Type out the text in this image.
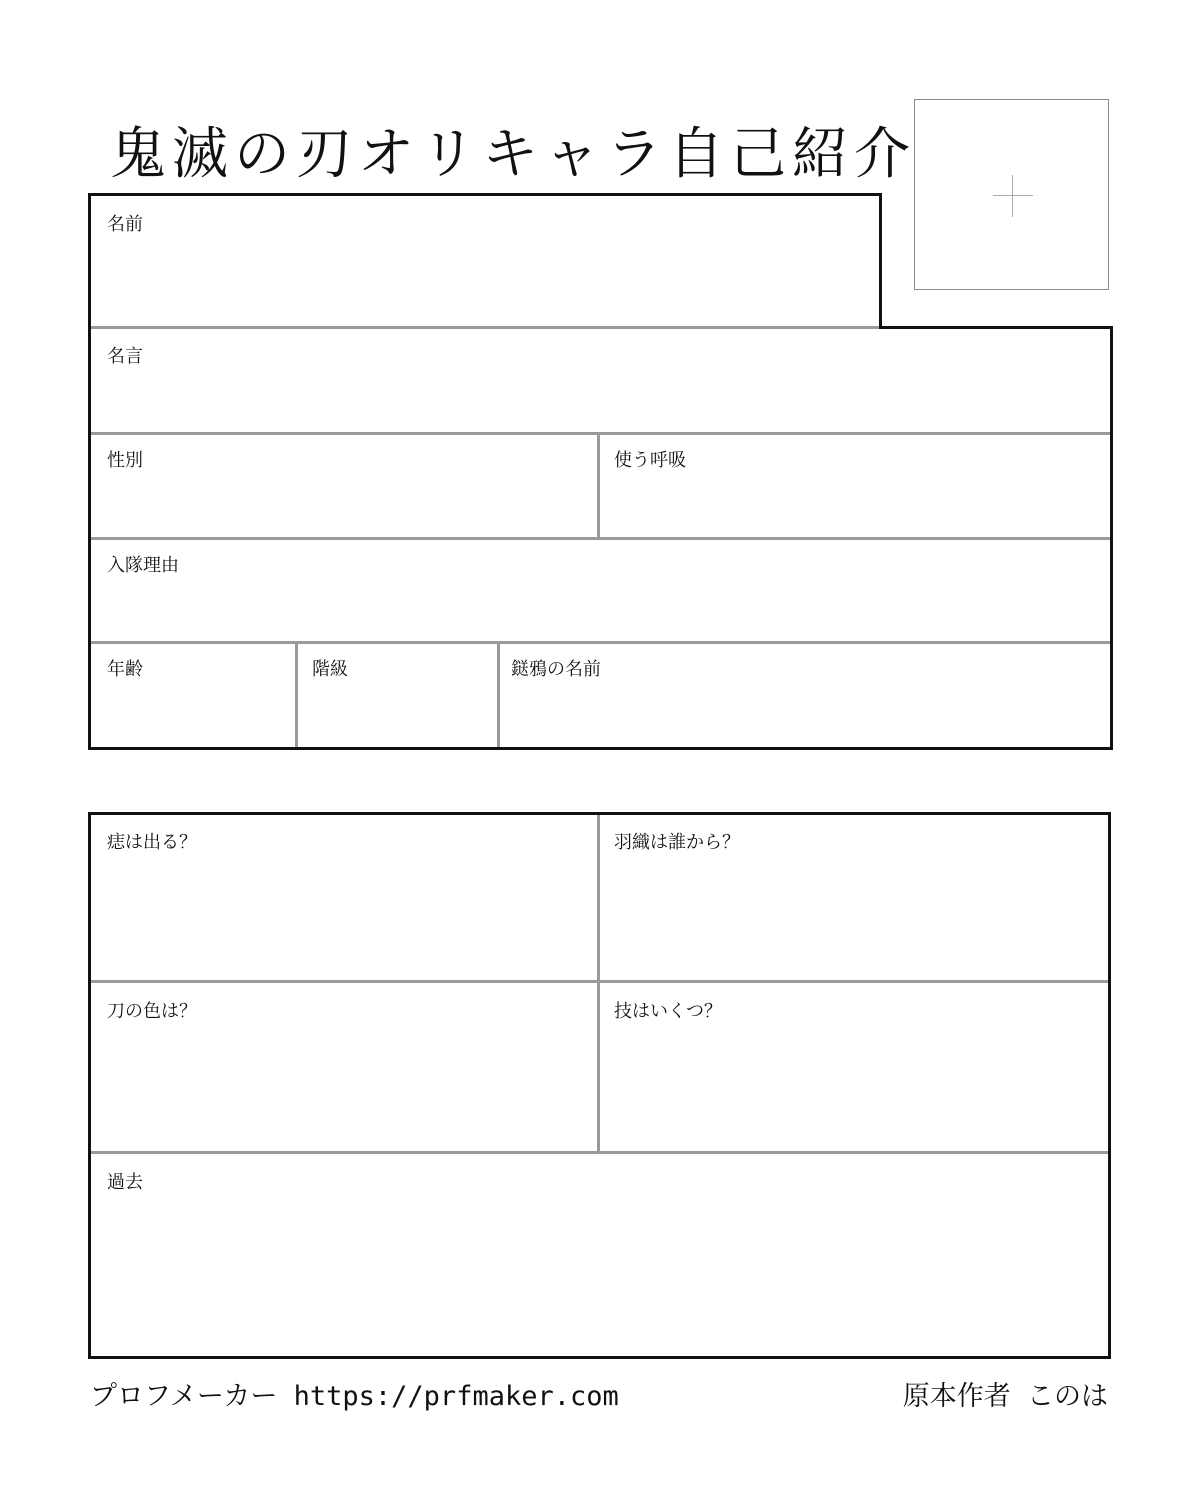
鬼滅の刃オリキャラ自己紹介
名前
名言
性別	使う呼吸
入隊理由
年齢	階級	鎹鴉の名前
痣は出る？	羽織は誰から？
刀の色は？	技はいくつ？
過去
プロフメーカー https://prfmaker.com	原本作者 このは
